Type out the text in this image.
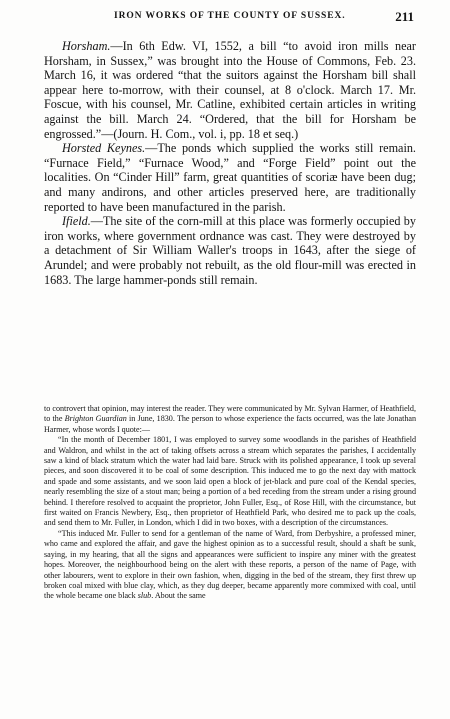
IRON WORKS OF THE COUNTY OF SUSSEX.	211

Horsham.—In 6th Edw. VI, 1552, a bill “to avoid iron mills near Horsham, in Sussex,” was brought into the House of Commons, Feb. 23. March 16, it was ordered “that the suitors against the Horsham bill shall appear here to-morrow, with their counsel, at 8 o'clock. March 17. Mr. Foscue, with his counsel, Mr. Catline, exhibited certain articles in writing against the bill. March 24. “Ordered, that the bill for Horsham be engrossed.”—(Journ. H. Com., vol. i, pp. 18 et seq.)

Horsted Keynes.—The ponds which supplied the works still remain. “Furnace Field,” “Furnace Wood,” and “Forge Field” point out the localities. On “Cinder Hill” farm, great quantities of scoriæ have been dug; and many andirons, and other articles preserved here, are traditionally reported to have been manufactured in the parish.

Ifield.—The site of the corn-mill at this place was formerly occupied by iron works, where government ordnance was cast. They were destroyed by a detachment of Sir William Waller's troops in 1643, after the siege of Arundel; and were probably not rebuilt, as the old flour-mill was erected in 1683. The large hammer-ponds still remain.

to controvert that opinion, may interest the reader. They were communicated by Mr. Sylvan Harmer, of Heathfield, to the Brighton Guardian in June, 1830. The person to whose experience the facts occurred, was the late Jonathan Harmer, whose words I quote:—

“In the month of December 1801, I was employed to survey some woodlands in the parishes of Heathfield and Waldron, and whilst in the act of taking offsets across a stream which separates the parishes, I accidentally saw a kind of black stratum which the water had laid bare. Struck with its polished appearance, I took up several pieces, and soon discovered it to be coal of some description. This induced me to go the next day with mattock and spade and some assistants, and we soon laid open a block of jet-black and pure coal of the Kendal species, nearly resembling the size of a stout man; being a portion of a bed receding from the stream under a rising ground behind. I therefore resolved to acquaint the proprietor, John Fuller, Esq., of Rose Hill, with the circumstance, but first waited on Francis Newbery, Esq., then proprietor of Heathfield Park, who desired me to pack up the coals, and send them to Mr. Fuller, in London, which I did in two boxes, with a description of the circumstances.

“This induced Mr. Fuller to send for a gentleman of the name of Ward, from Derbyshire, a professed miner, who came and explored the affair, and gave the highest opinion as to a successful result, should a shaft be sunk, saying, in my hearing, that all the signs and appearances were sufficient to inspire any miner with the greatest hopes. Moreover, the neighbourhood being on the alert with these reports, a person of the name of Page, with other labourers, went to explore in their own fashion, when, digging in the bed of the stream, they first threw up broken coal mixed with blue clay, which, as they dug deeper, became apparently more commixed with coal, until the whole became one black slub. About the same
